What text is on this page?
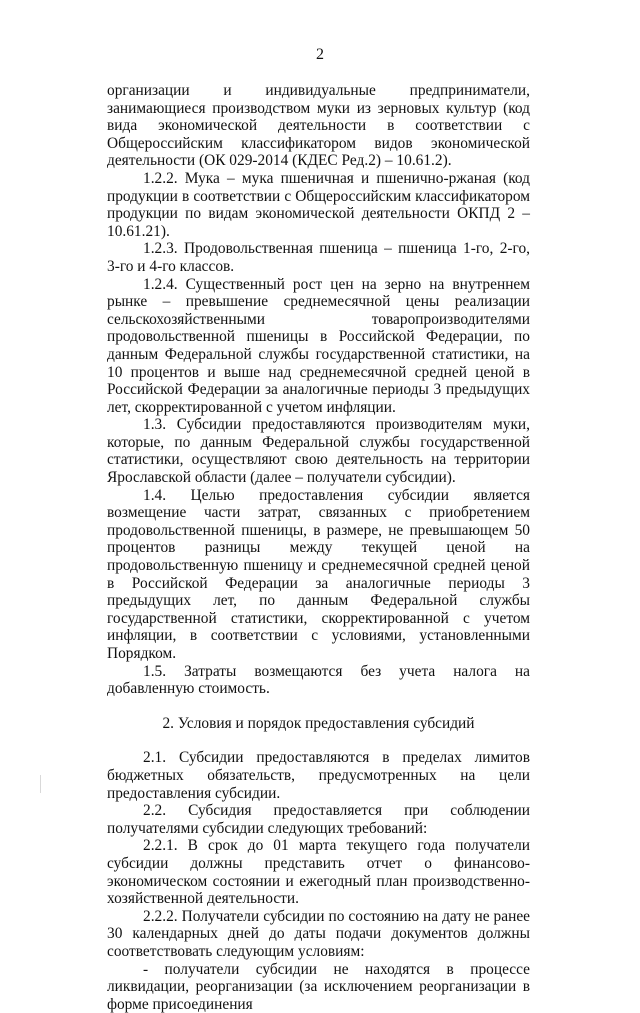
2

организации и индивидуальные предприниматели, занимающиеся производством муки из зерновых культур (код вида экономической деятельности в соответствии с Общероссийским классификатором видов экономической деятельности (ОК 029-2014 (КДЕС Ред.2) – 10.61.2).

1.2.2. Мука – мука пшеничная и пшенично-ржаная (код продукции в соответствии с Общероссийским классификатором продукции по видам экономической деятельности ОКПД 2 – 10.61.21).

1.2.3. Продовольственная пшеница – пшеница 1-го, 2-го, 3-го и 4-го классов.

1.2.4. Существенный рост цен на зерно на внутреннем рынке – превышение среднемесячной цены реализации сельскохозяйственными товаропроизводителями продовольственной пшеницы в Российской Федерации, по данным Федеральной службы государственной статистики, на 10 процентов и выше над среднемесячной средней ценой в Российской Федерации за аналогичные периоды 3 предыдущих лет, скорректированной с учетом инфляции.

1.3. Субсидии предоставляются производителям муки, которые, по данным Федеральной службы государственной статистики, осуществляют свою деятельность на территории Ярославской области (далее – получатели субсидии).

1.4. Целью предоставления субсидии является возмещение части затрат, связанных с приобретением продовольственной пшеницы, в размере, не превышающем 50 процентов разницы между текущей ценой на продовольственную пшеницу и среднемесячной средней ценой в Российской Федерации за аналогичные периоды 3 предыдущих лет, по данным Федеральной службы государственной статистики, скорректированной с учетом инфляции, в соответствии с условиями, установленными Порядком.

1.5. Затраты возмещаются без учета налога на добавленную стоимость.

2. Условия и порядок предоставления субсидий

2.1. Субсидии предоставляются в пределах лимитов бюджетных обязательств, предусмотренных на цели предоставления субсидии.

2.2. Субсидия предоставляется при соблюдении получателями субсидии следующих требований:

2.2.1. В срок до 01 марта текущего года получатели субсидии должны представить отчет о финансово-экономическом состоянии и ежегодный план производственно-хозяйственной деятельности.

2.2.2. Получатели субсидии по состоянию на дату не ранее 30 календарных дней до даты подачи документов должны соответствовать следующим условиям:

- получатели субсидии не находятся в процессе ликвидации, реорганизации (за исключением реорганизации в форме присоединения
